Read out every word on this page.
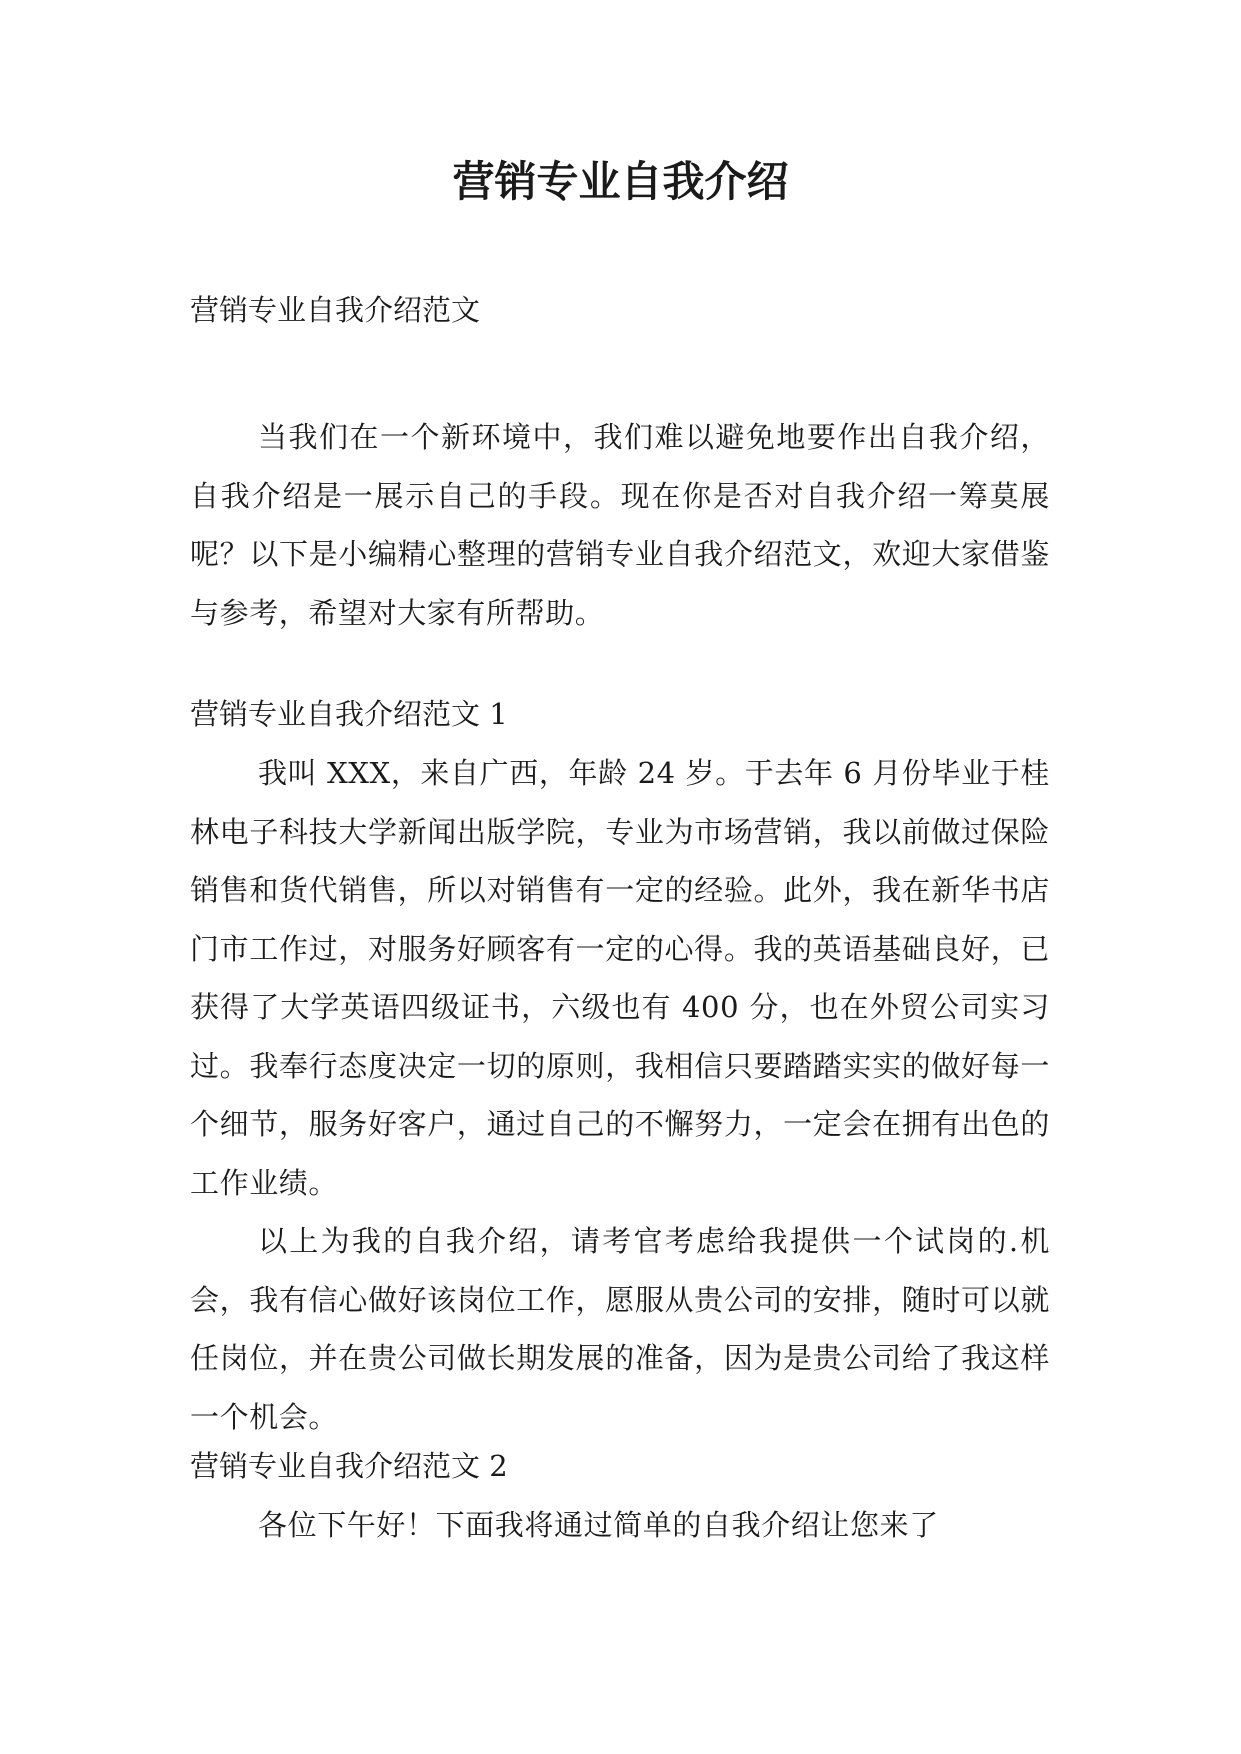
营销专业自我介绍

营销专业自我介绍范文

当我们在一个新环境中，我们难以避免地要作出自我介绍，自我介绍是一展示自己的手段。现在你是否对自我介绍一筹莫展呢？以下是小编精心整理的营销专业自我介绍范文，欢迎大家借鉴与参考，希望对大家有所帮助。

营销专业自我介绍范文 1

我叫 XXX，来自广西，年龄 24 岁。于去年 6 月份毕业于桂林电子科技大学新闻出版学院，专业为市场营销，我以前做过保险销售和货代销售，所以对销售有一定的经验。此外，我在新华书店门市工作过，对服务好顾客有一定的心得。我的英语基础良好，已获得了大学英语四级证书，六级也有 400 分，也在外贸公司实习过。我奉行态度决定一切的原则，我相信只要踏踏实实的做好每一个细节，服务好客户，通过自己的不懈努力，一定会在拥有出色的工作业绩。

以上为我的自我介绍，请考官考虑给我提供一个试岗的.机会，我有信心做好该岗位工作，愿服从贵公司的安排，随时可以就任岗位，并在贵公司做长期发展的准备，因为是贵公司给了我这样一个机会。

营销专业自我介绍范文 2

各位下午好！下面我将通过简单的自我介绍让您来了
